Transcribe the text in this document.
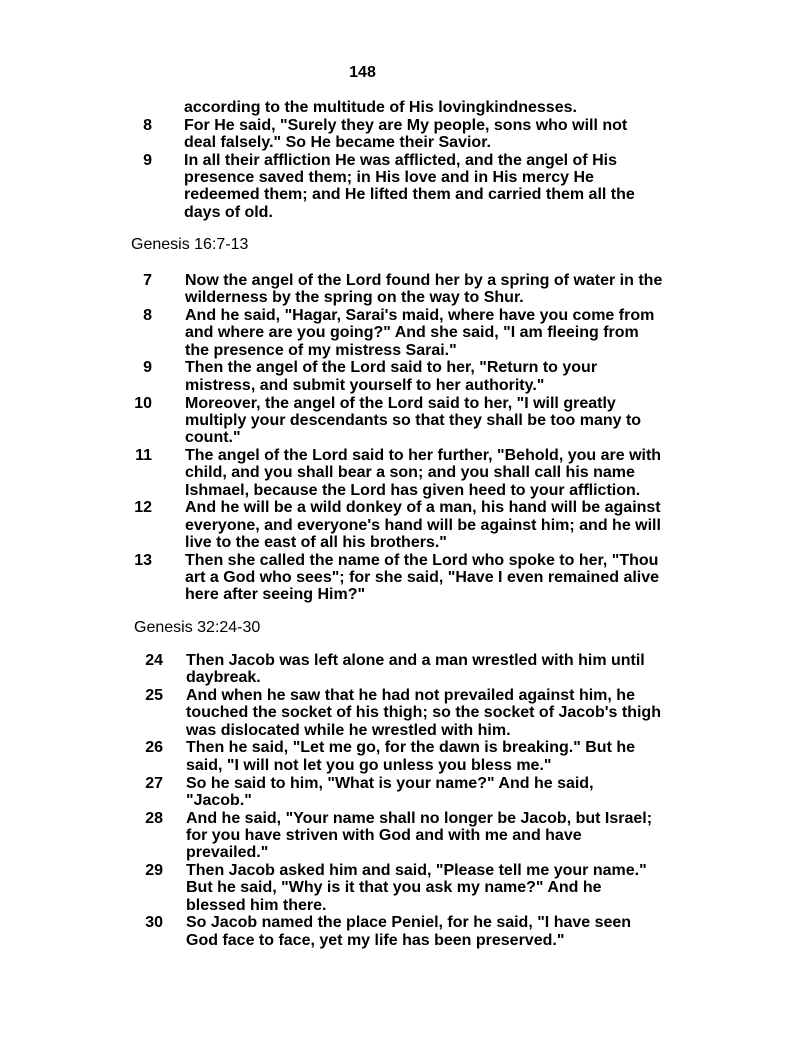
148
according to the multitude of His lovingkindnesses.
8 For He said, "Surely they are My people, sons who will not
deal falsely." So He became their Savior.
9 In all their affliction He was afflicted, and the angel of His
presence saved them; in His love and in His mercy He
redeemed them; and He lifted them and carried them all the
days of old.
Genesis 16:7-13
7 Now the angel of the Lord found her by a spring of water in the
wilderness by the spring on the way to Shur.
8 And he said, "Hagar, Sarai's maid, where have you come from
and where are you going?" And she said, "I am fleeing from
the presence of my mistress Sarai."
9 Then the angel of the Lord said to her, "Return to your
mistress, and submit yourself to her authority."
10 Moreover, the angel of the Lord said to her, "I will greatly
multiply your descendants so that they shall be too many to
count."
11 The angel of the Lord said to her further, "Behold, you are with
child, and you shall bear a son; and you shall call his name
Ishmael, because the Lord has given heed to your affliction.
12 And he will be a wild donkey of a man, his hand will be against
everyone, and everyone's hand will be against him; and he will
live to the east of all his brothers."
13 Then she called the name of the Lord who spoke to her, "Thou
art a God who sees"; for she said, "Have I even remained alive
here after seeing Him?"
Genesis 32:24-30
24 Then Jacob was left alone and a man wrestled with him until
daybreak.
25 And when he saw that he had not prevailed against him, he
touched the socket of his thigh; so the socket of Jacob's thigh
was dislocated while he wrestled with him.
26 Then he said, "Let me go, for the dawn is breaking." But he
said, "I will not let you go unless you bless me."
27 So he said to him, "What is your name?" And he said,
"Jacob."
28 And he said, "Your name shall no longer be Jacob, but Israel;
for you have striven with God and with me and have
prevailed."
29 Then Jacob asked him and said, "Please tell me your name."
But he said, "Why is it that you ask my name?" And he
blessed him there.
30 So Jacob named the place Peniel, for he said, "I have seen
God face to face, yet my life has been preserved."
